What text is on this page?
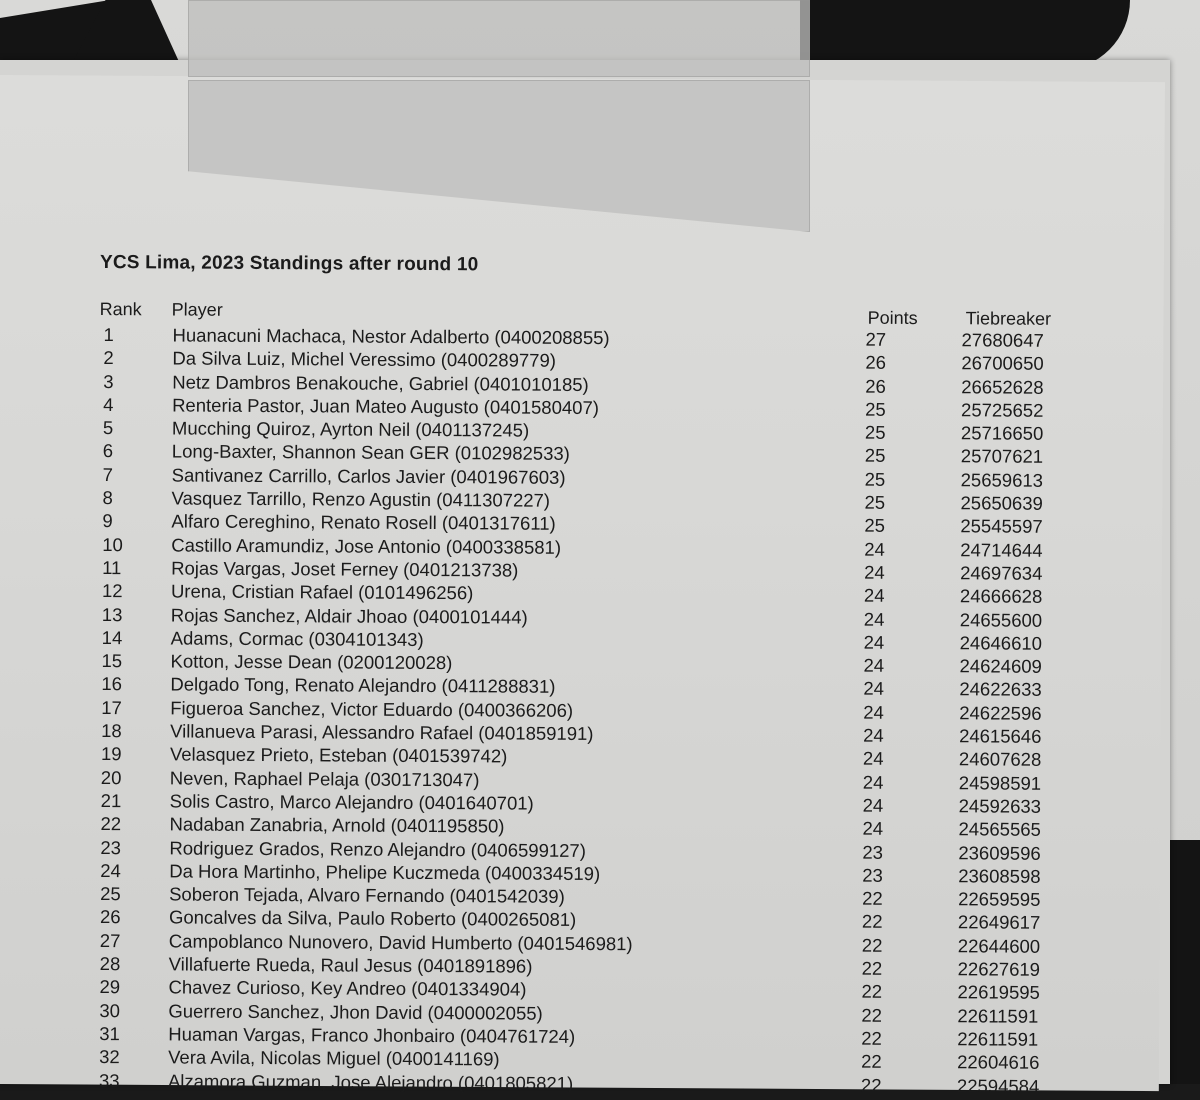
YCS Lima, 2023 Standings after round 10
Rank Player	Points	Tiebreaker
1	Huanacuni Machaca, Nestor Adalberto (0400208855)	27	27680647
2	Da Silva Luiz, Michel Veressimo (0400289779)	26	26700650
3	Netz Dambros Benakouche, Gabriel (0401010185)	26	26652628
4	Renteria Pastor, Juan Mateo Augusto (0401580407)	25	25725652
5	Mucching Quiroz, Ayrton Neil (0401137245)	25	25716650
6	Long-Baxter, Shannon Sean GER (0102982533)	25	25707621
7	Santivanez Carrillo, Carlos Javier (0401967603)	25	25659613
8	Vasquez Tarrillo, Renzo Agustin (0411307227)	25	25650639
9	Alfaro Cereghino, Renato Rosell (0401317611)	25	25545597
10	Castillo Aramundiz, Jose Antonio (0400338581)	24	24714644
11	Rojas Vargas, Joset Ferney (0401213738)	24	24697634
12	Urena, Cristian Rafael (0101496256)	24	24666628
13	Rojas Sanchez, Aldair Jhoao (0400101444)	24	24655600
14	Adams, Cormac (0304101343)	24	24646610
15	Kotton, Jesse Dean (0200120028)	24	24624609
16	Delgado Tong, Renato Alejandro (0411288831)	24	24622633
17	Figueroa Sanchez, Victor Eduardo (0400366206)	24	24622596
18	Villanueva Parasi, Alessandro Rafael (0401859191)	24	24615646
19	Velasquez Prieto, Esteban (0401539742)	24	24607628
20	Neven, Raphael Pelaja (0301713047)	24	24598591
21	Solis Castro, Marco Alejandro (0401640701)	24	24592633
22	Nadaban Zanabria, Arnold (0401195850)	24	24565565
23	Rodriguez Grados, Renzo Alejandro (0406599127)	23	23609596
24	Da Hora Martinho, Phelipe Kuczmeda (0400334519)	23	23608598
25	Soberon Tejada, Alvaro Fernando (0401542039)	22	22659595
26	Goncalves da Silva, Paulo Roberto (0400265081)	22	22649617
27	Campoblanco Nunovero, David Humberto (0401546981)	22	22644600
28	Villafuerte Rueda, Raul Jesus (0401891896)	22	22627619
29	Chavez Curioso, Key Andreo (0401334904)	22	22619595
30	Guerrero Sanchez, Jhon David (0400002055)	22	22611591
31	Huaman Vargas, Franco Jhonbairo (0404761724)	22	22611591
32	Vera Avila, Nicolas Miguel (0400141169)	22	22604616
33	Alzamora Guzman, Jose Alejandro (0401805821)	22	22594584
